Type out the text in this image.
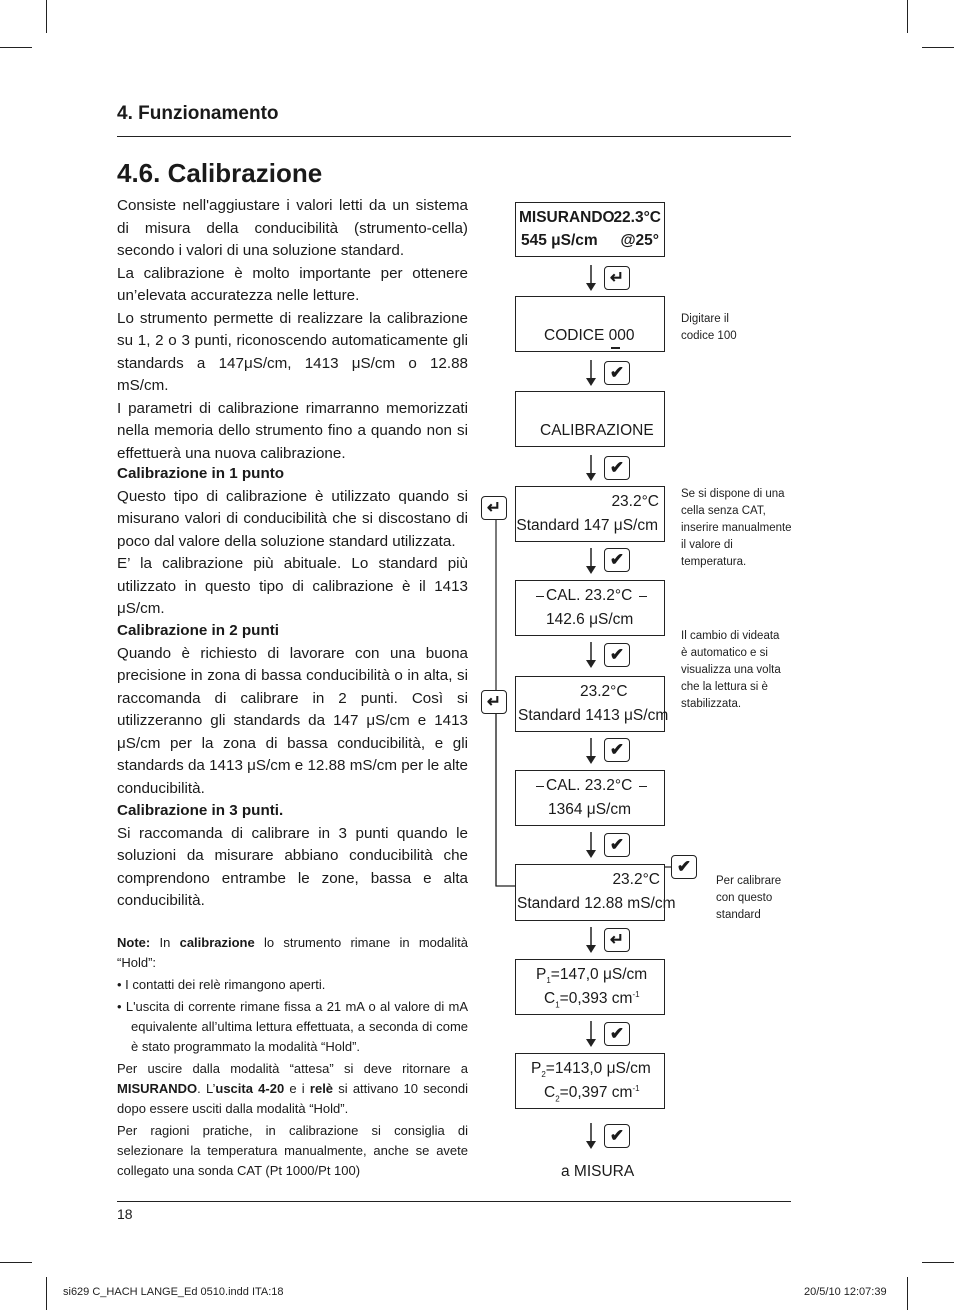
4. Funzionamento
4.6. Calibrazione

Consiste nell'aggiustare i valori letti da un sistema di misura della conducibilità (strumento-cella) secondo i valori di una soluzione standard.

La calibrazione è molto importante per ottenere un’elevata accuratezza nelle letture.

Lo strumento permette di realizzare la calibrazione su 1, 2 o 3 punti, riconoscendo automaticamente gli standards a 147μS/cm, 1413 μS/cm o 12.88 mS/cm.

I parametri di calibrazione rimarranno memorizzati nella memoria dello strumento fino a quando non si effettuerà una nuova calibrazione.

Calibrazione in 1 punto

Questo tipo di calibrazione è utilizzato quando si misurano valori di conducibilità che si discostano di poco dal valore della soluzione standard utilizzata.

E’ la calibrazione più abituale. Lo standard più utilizzato in questo tipo di calibrazione è il 1413 μS/cm.

Calibrazione in 2 punti

Quando è richiesto di lavorare con una buona precisione in zona di bassa conducibilità o in alta, si raccomanda di calibrare in 2 punti. Così si utilizzeranno gli standards da 147 μS/cm e 1413 μS/cm per la zona di bassa conducibilità, e gli standards da 1413 μS/cm e 12.88 mS/cm per le alte conducibilità.

Calibrazione in 3 punti.

Si raccomanda di calibrare in 3 punti quando le soluzioni da misurare abbiano conducibilità che comprendono entrambe le zone, bassa e alta conducibilità.

Note: In calibrazione lo strumento rimane in modalità “Hold”:

• I contatti dei relè rimangono aperti.

• L'uscita di corrente rimane fissa a 21 mA o al valore di mA equivalente all’ultima lettura effettuata, a seconda di come è stato programmato la modalità “Hold”.

Per uscire dalla modalità “attesa” si deve ritornare a MISURANDO. L’uscita 4-20 e i relè si attivano 10 secondi dopo essere usciti dalla modalità “Hold”.

Per ragioni pratiche, in calibrazione si consiglia di selezionare la temperatura manualmente, anche se avete collegato una sonda CAT (Pt 1000/Pt 100)

MISURANDO
22.3°C
545 μS/cm @25°
↵
CODICE 000
Digitare il
codice 100
✔
CALIBRAZIONE
✔
↵	23.2°C
Standard 147 μS/cm
Se si dispone di una
cella senza CAT,
inserire manualmente
il valore di
temperatura.
✔
CAL. 23.2°C
142.6 μS/cm
Il cambio di videata
è automatico e si
visualizza una volta
che la lettura si è
stabilizzata.
✔
↵
23.2°C
Standard 1413 μS/cm
✔
CAL. 23.2°C
1364 μS/cm
✔
23.2°C
Standard 12.88 mS/cm
✔
Per calibrare
con questo
standard
↵
$P_1=147,0$ μS/cm
$C_1=0,393$ $cm^{-1}$
✔
$P_2=1413,0$ μS/cm
$C_2=0,397$ $cm^{-1}$
✔
a MISURA
18
si629 C_HACH LANGE_Ed 0510.indd ITA:18	20/5/10 12:07:39
